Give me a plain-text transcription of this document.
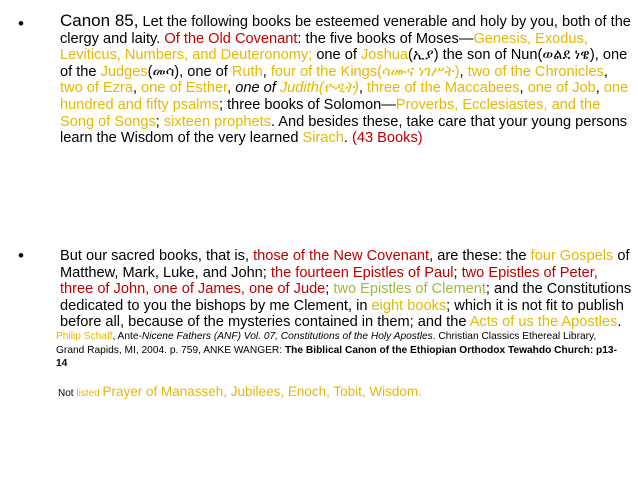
• Canon 85, Let the following books be esteemed venerable and holy by you, both of the clergy and laity. Of the Old Covenant: the five books of Moses—Genesis, Exodus, Leviticus, Numbers, and Deuteronomy; one of Joshua(ኢያ) the son of Nun(ወልደ ነዌ), one of the Judges(መሳ), one of Ruth, four of the Kings(ሳሙና ነገሥት), two of the Chronicles, two of Ezra, one of Esther, one of Judith(ዮዲት), three of the Maccabees, one of Job, one hundred and fifty psalms; three books of Solomon—Proverbs, Ecclesiastes, and the Song of Songs; sixteen prophets. And besides these, take care that your young persons learn the Wisdom of the very learned Sirach. (43 Books)
• But our sacred books, that is, those of the New Covenant, are these: the four Gospels of Matthew, Mark, Luke, and John; the fourteen Epistles of Paul; two Epistles of Peter, three of John, one of James, one of Jude; two Epistles of Clement; and the Constitutions dedicated to you the bishops by me Clement, in eight books; which it is not fit to publish before all, because of the mysteries contained in them; and the Acts of us the Apostles.
Philip Schaff, Ante-Nicene Fathers (ANF) Vol. 07, Constitutions of the Holy Apostles. Christian Classics Ethereal Library, Grand Rapids, MI, 2004. p. 759, ANKE WANGER: The Biblical Canon of the Ethiopian Orthodox Tewahdo Church: p13-14
Not listed Prayer of Manasseh, Jubilees, Enoch, Tobit, Wisdom.
